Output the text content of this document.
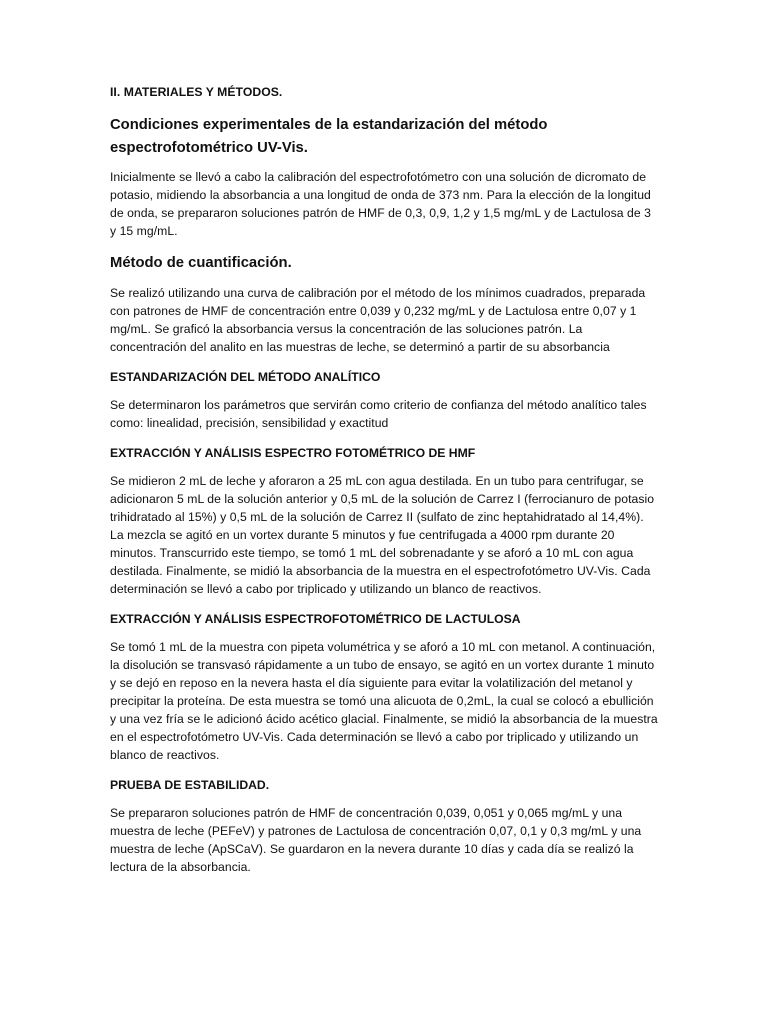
II. MATERIALES Y MÉTODOS.
Condiciones experimentales de la estandarización del método espectrofotométrico UV-Vis.
Inicialmente se llevó a cabo la calibración del espectrofotómetro con una solución de dicromato de potasio, midiendo la absorbancia a una longitud de onda de 373 nm. Para la elección de la longitud de onda, se prepararon soluciones patrón de HMF de 0,3, 0,9, 1,2 y 1,5 mg/mL y de Lactulosa de 3 y 15 mg/mL.
Método de cuantificación.
Se realizó utilizando una curva de calibración por el método de los mínimos cuadrados, preparada con patrones de HMF de concentración entre 0,039 y 0,232 mg/mL y de Lactulosa entre 0,07 y 1 mg/mL. Se graficó la absorbancia versus la concentración de las soluciones patrón. La concentración del analito en las muestras de leche, se determinó a partir de su absorbancia
ESTANDARIZACIÓN DEL MÉTODO ANALÍTICO
Se determinaron los parámetros que servirán como criterio de confianza del método analítico tales como: linealidad, precisión, sensibilidad y exactitud
EXTRACCIÓN Y ANÁLISIS ESPECTRO FOTOMÉTRICO DE HMF
Se midieron 2 mL de leche y aforaron a 25 mL con agua destilada. En un tubo para centrifugar, se adicionaron 5 mL de la solución anterior y 0,5 mL de la solución de Carrez I (ferrocianuro de potasio trihidratado al 15%) y 0,5 mL de la solución de Carrez II (sulfato de zinc heptahidratado al 14,4%). La mezcla se agitó en un vortex durante 5 minutos y fue centrifugada a 4000 rpm durante 20 minutos. Transcurrido este tiempo, se tomó 1 mL del sobrenadante y se aforó a 10 mL con agua destilada. Finalmente, se midió la absorbancia de la muestra en el espectrofotómetro UV-Vis. Cada determinación se llevó a cabo por triplicado y utilizando un blanco de reactivos.
EXTRACCIÓN Y ANÁLISIS ESPECTROFOTOMÉTRICO DE LACTULOSA
Se tomó 1 mL de la muestra con pipeta volumétrica y se aforó a 10 mL con metanol. A continuación, la disolución se transvasó rápidamente a un tubo de ensayo, se agitó en un vortex durante 1 minuto y se dejó en reposo en la nevera hasta el día siguiente para evitar la volatilización del metanol y precipitar la proteína. De esta muestra se tomó una alicuota de 0,2mL, la cual se colocó a ebullición y una vez fría se le adicionó ácido acético glacial. Finalmente, se midió la absorbancia de la muestra en el espectrofotómetro UV-Vis. Cada determinación se llevó a cabo por triplicado y utilizando un blanco de reactivos.
PRUEBA DE ESTABILIDAD.
Se prepararon soluciones patrón de HMF de concentración 0,039, 0,051 y 0,065 mg/mL y una muestra de leche (PEFeV) y patrones de Lactulosa de concentración 0,07, 0,1 y 0,3 mg/mL y una muestra de leche (ApSCaV). Se guardaron en la nevera durante 10 días y cada día se realizó la lectura de la absorbancia.
